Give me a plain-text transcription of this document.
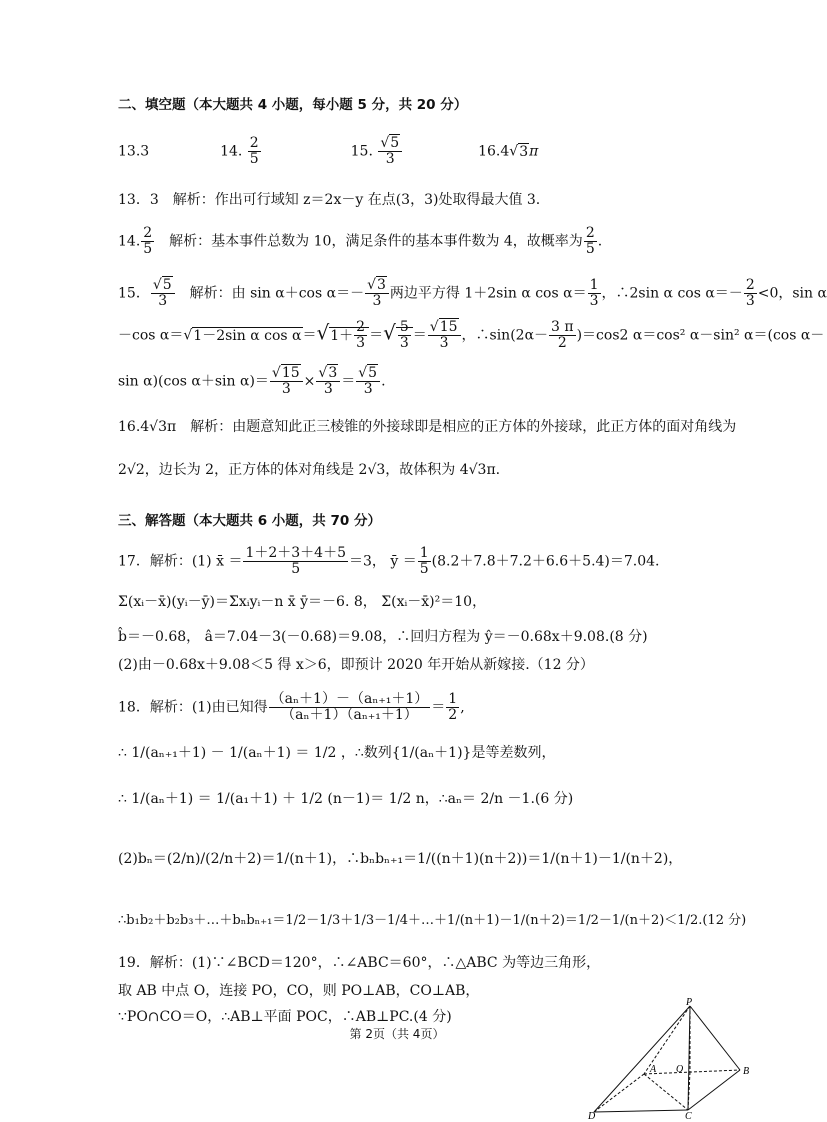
二、填空题（本大题共 4 小题，每小题 5 分，共 20 分）
13.3	14. $\frac{2}{5}$	15. $\frac{√5}{3}$	16.4√3π
13．3　解析：作出可行域知 z＝2x－y 在点(3，3)处取得最大值 3.
14. $\frac{2}{5}$ 　解析：基本事件总数为 10，满足条件的基本事件数为 4，故概率为 $\frac{2}{5}$ .
15． $\frac{√5}{3}$ 　解析：由 sin α＋cos $\alpha=- \frac{√3}{3}$ 两边平方得 1＋2sin α $\cos \alpha= \frac{1}{3}$ ，∴2sin α $\cos \alpha=- \frac{2}{3} <0$，sin α
－cos α＝√1－2sin α $\cos \alpha=√1+ \frac{2}{3}$ ＝√ $\frac{5}{3} = \frac{√15}{3}$ ，∴sin(2α－ $\frac{3 \pi}{2} )=\cos 2$ α＝cos² α－sin² α＝(cos α－
sin α)(cos α＋sin $\alpha)= \frac{√15}{3} \times \frac{√3}{3} = \frac{√5}{3}$ .
16.4√3π　解析：由题意知此正三棱锥的外接球即是相应的正方体的外接球，此正方体的面对角线为
2√2，边长为 2，正方体的体对角线是 2√3，故体积为 4√3π.
三、解答题（本大题共 6 小题，共 70 分）
17．解析：(1) x̄ ＝ $\frac{1+2+3+4+5}{5} =3$， ȳ ＝ $\frac{1}{5} (8.2+7.8+7.2+6.6+5.4)=7.04$.
Σ(xᵢ－x̄)(yᵢ－ȳ)＝Σxᵢyᵢ－n x̄ ȳ＝－6. 8， Σ(xᵢ－x̄)²＝10，
b̂＝－0.68， â＝7.04－3(－0.68)＝9.08，∴回归方程为 ŷ＝－0.68x＋9.08.(8 分)
(2)由－0.68x＋9.08＜5 得 x＞6，即预计 2020 年开始从新嫁接.（12 分）
18．解析：(1)由已知得 $\frac{\text{（aₙ＋1）－（aₙ₊₁＋1）}}{\text{（aₙ＋1）（aₙ₊₁＋1）}} = \frac{1}{2}$ ,
∴ 1/(aₙ₊₁＋1) － 1/(aₙ＋1) ＝ 1/2 ，∴数列{1/(aₙ＋1)}是等差数列，
∴ 1/(aₙ＋1) ＝ 1/(a₁＋1) ＋ 1/2 (n－1)＝ 1/2 n，∴aₙ＝ 2/n －1.(6 分)
(2)bₙ＝(2/n)/(2/n＋2)＝1/(n＋1)，∴bₙbₙ₊₁＝1/((n＋1)(n＋2))＝1/(n＋1)－1/(n＋2)，
∴b₁b₂＋b₂b₃＋…＋bₙbₙ₊₁＝1/2－1/3＋1/3－1/4＋…＋1/(n＋1)－1/(n＋2)＝1/2－1/(n＋2)＜1/2.(12 分)
19．解析：(1)∵∠BCD＝120°，∴∠ABC＝60°，∴△ABC 为等边三角形，
取 AB 中点 O，连接 PO，CO，则 PO⊥AB，CO⊥AB，
∵PO∩CO＝O，∴AB⊥平面 POC，∴AB⊥PC.(4 分)
第 2页（共 4页）
P
A O	B
C
D
